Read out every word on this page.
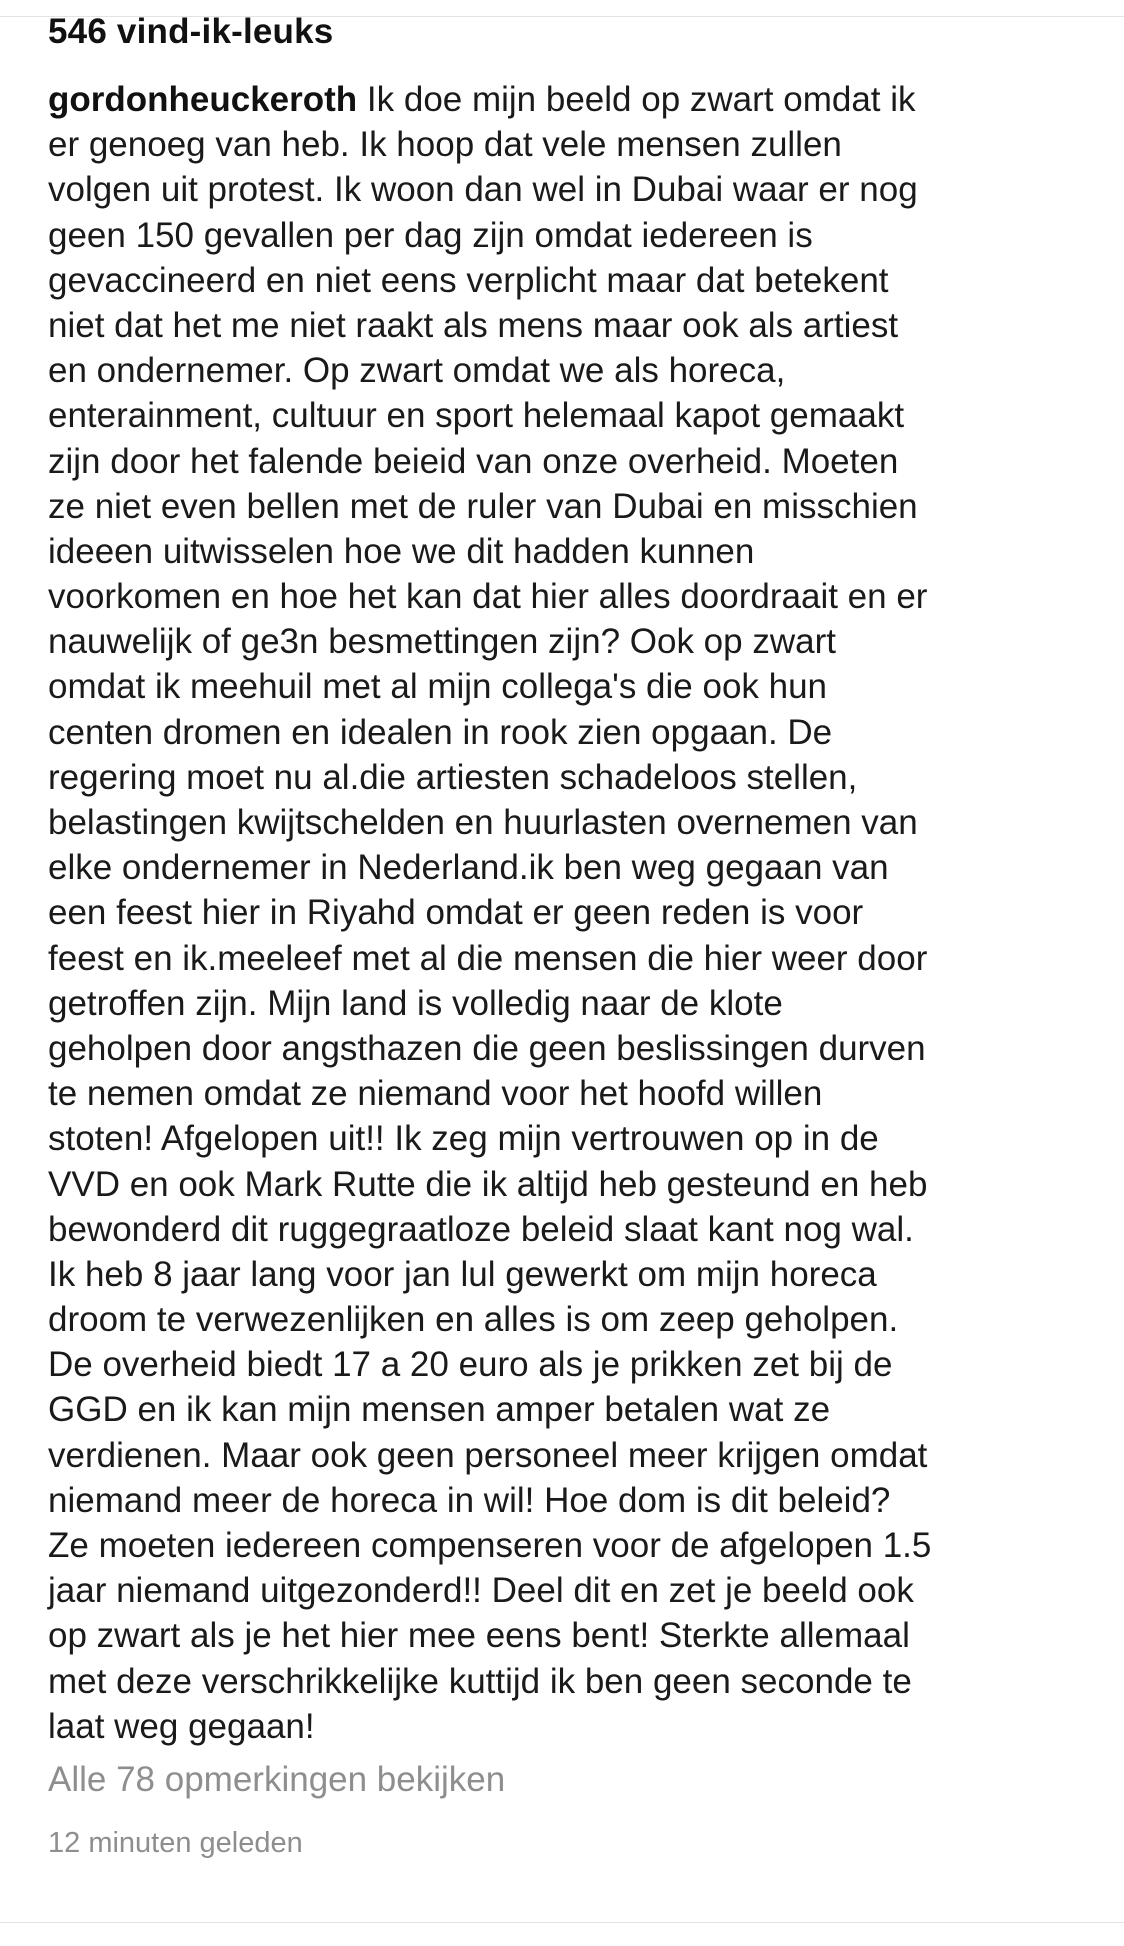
546 vind-ik-leuks
gordonheuckeroth Ik doe mijn beeld op zwart omdat ik
er genoeg van heb. Ik hoop dat vele mensen zullen
volgen uit protest. Ik woon dan wel in Dubai waar er nog
geen 150 gevallen per dag zijn omdat iedereen is
gevaccineerd en niet eens verplicht maar dat betekent
niet dat het me niet raakt als mens maar ook als artiest
en ondernemer. Op zwart omdat we als horeca,
enterainment, cultuur en sport helemaal kapot gemaakt
zijn door het falende beieid van onze overheid. Moeten
ze niet even bellen met de ruler van Dubai en misschien
ideeen uitwisselen hoe we dit hadden kunnen
voorkomen en hoe het kan dat hier alles doordraait en er
nauwelijk of ge3n besmettingen zijn? Ook op zwart
omdat ik meehuil met al mijn collega's die ook hun
centen dromen en idealen in rook zien opgaan. De
regering moet nu al.die artiesten schadeloos stellen,
belastingen kwijtschelden en huurlasten overnemen van
elke ondernemer in Nederland.ik ben weg gegaan van
een feest hier in Riyahd omdat er geen reden is voor
feest en ik.meeleef met al die mensen die hier weer door
getroffen zijn. Mijn land is volledig naar de klote
geholpen door angsthazen die geen beslissingen durven
te nemen omdat ze niemand voor het hoofd willen
stoten! Afgelopen uit!! Ik zeg mijn vertrouwen op in de
VVD en ook Mark Rutte die ik altijd heb gesteund en heb
bewonderd dit ruggegraatloze beleid slaat kant nog wal.
Ik heb 8 jaar lang voor jan lul gewerkt om mijn horeca
droom te verwezenlijken en alles is om zeep geholpen.
De overheid biedt 17 a 20 euro als je prikken zet bij de
GGD en ik kan mijn mensen amper betalen wat ze
verdienen. Maar ook geen personeel meer krijgen omdat
niemand meer de horeca in wil! Hoe dom is dit beleid?
Ze moeten iedereen compenseren voor de afgelopen 1.5
jaar niemand uitgezonderd!! Deel dit en zet je beeld ook
op zwart als je het hier mee eens bent! Sterkte allemaal
met deze verschrikkelijke kuttijd ik ben geen seconde te
laat weg gegaan!
Alle 78 opmerkingen bekijken
12 minuten geleden
